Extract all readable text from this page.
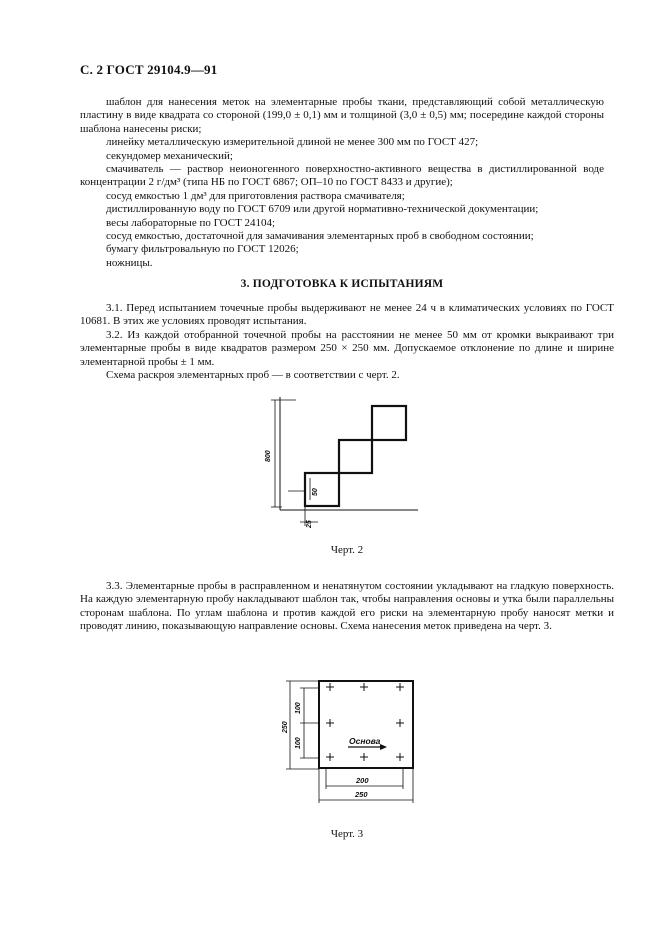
С. 2 ГОСТ 29104.9—91

шаблон для нанесения меток на элементарные пробы ткани, представляющий собой металлическую пластину в виде квадрата со стороной (199,0 ± 0,1) мм и толщиной (3,0 ± 0,5) мм; посередине каждой стороны шаблона нанесены риски;

линейку металлическую измерительной длиной не менее 300 мм по ГОСТ 427;

секундомер механический;

смачиватель — раствор неионогенного поверхностно-активного вещества в дистиллированной воде концентрации 2 г/дм³ (типа НБ по ГОСТ 6867; ОП–10 по ГОСТ 8433 и другие);

сосуд емкостью 1 дм³ для приготовления раствора смачивателя;

дистиллированную воду по ГОСТ 6709 или другой нормативно-технической документации;

весы лабораторные по ГОСТ 24104;

сосуд емкостью, достаточной для замачивания элементарных проб в свободном состоянии;

бумагу фильтровальную по ГОСТ 12026;

ножницы.

3. ПОДГОТОВКА К ИСПЫТАНИЯМ

3.1. Перед испытанием точечные пробы выдерживают не менее 24 ч в климатических условиях по ГОСТ 10681. В этих же условиях проводят испытания.

3.2. Из каждой отобранной точечной пробы на расстоянии не менее 50 мм от кромки выкраивают три элементарные пробы в виде квадратов размером 250 × 250 мм. Допускаемое отклонение по длине и ширине элементарной пробы ± 1 мм.

Схема раскроя элементарных проб — в соответствии с черт. 2.

800
50
25
Черт. 2

3.3. Элементарные пробы в расправленном и ненатянутом состоянии укладывают на гладкую поверхность. На каждую элементарную пробу накладывают шаблон так, чтобы направления основы и утка были параллельны сторонам шаблона. По углам шаблона и против каждой его риски на элементарную пробу наносят метки и проводят линию, показывающую направление основы. Схема нанесения меток приведена на черт. 3.

Основа
100
100
250
200
250
Черт. 3
